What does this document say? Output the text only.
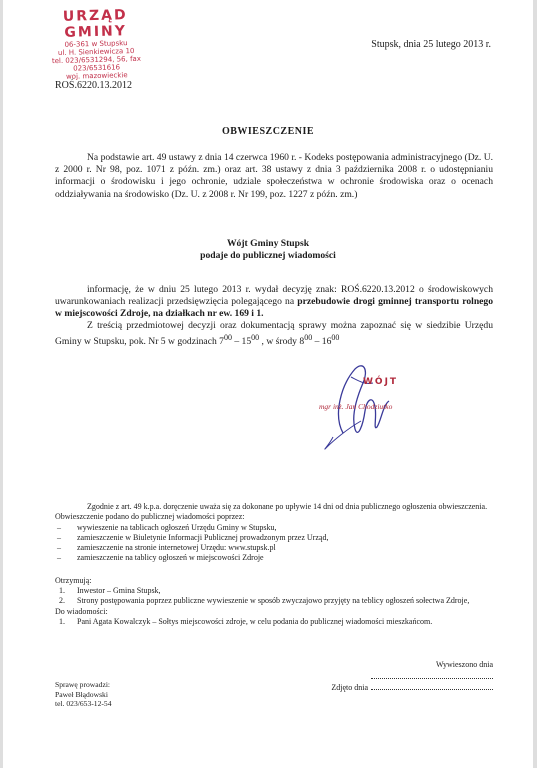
URZĄD GMINY
06-361 w Stupsku
ul. H. Sienkiewicza 10
tel. 023/6531294, 56, fax 023/6531616
woj. mazowieckie
Stupsk, dnia 25 lutego 2013 r.
ROŚ.6220.13.2012
OBWIESZCZENIE
Na podstawie art. 49 ustawy z dnia 14 czerwca 1960 r. - Kodeks postępowania administracyjnego (Dz. U. z 2000 r. Nr 98, poz. 1071 z późn. zm.) oraz art. 38 ustawy z dnia 3 października 2008 r. o udostępnianiu informacji o środowisku i jego ochronie, udziale społeczeństwa w ochronie środowiska oraz o ocenach oddziaływania na środowisko (Dz. U. z 2008 r. Nr 199, poz. 1227 z późn. zm.)
Wójt Gminy Stupsk
podaje do publicznej wiadomości
informację, że w dniu 25 lutego 2013 r. wydał decyzję znak: ROŚ.6220.13.2012 o środowiskowych uwarunkowaniach realizacji przedsięwzięcia polegającego na przebudowie drogi gminnej transportu rolnego w miejscowości Zdroje, na działkach nr ew. 169 i 1.
Z treścią przedmiotowej decyzji oraz dokumentacją sprawy można zapoznać się w siedzibie Urzędu Gminy w Stupsku, pok. Nr 5 w godzinach $7^{00} - 15^{00}$ , w środy $8^{00} - 16^{00}$
WÓJT
mgr inż. Jan Chodziutko
Zgodnie z art. 49 k.p.a. doręczenie uważa się za dokonane po upływie 14 dni od dnia publicznego ogłoszenia obwieszczenia.
Obwieszczenie podano do publicznej wiadomości poprzez:
– wywieszenie na tablicach ogłoszeń Urzędu Gminy w Stupsku,
– zamieszczenie w Biuletynie Informacji Publicznej prowadzonym przez Urząd,
– zamieszczenie na stronie internetowej Urzędu: www.stupsk.pl
– zamieszczenie na tablicy ogłoszeń w miejscowości Zdroje
Otrzymują:
1. Inwestor – Gmina Stupsk,
2. Strony postępowania poprzez publiczne wywieszenie w sposób zwyczajowo przyjęty na teblicy ogłoszeń sołectwa Zdroje,
Do wiadomości:
1. Pani Agata Kowalczyk – Sołtys miejscowości zdroje, w celu podania do publicznej wiadomości mieszkańcom.
Wywieszono dnia
Zdjęto dnia
Sprawę prowadzi:
Paweł Błądowski
tel. 023/653-12-54
